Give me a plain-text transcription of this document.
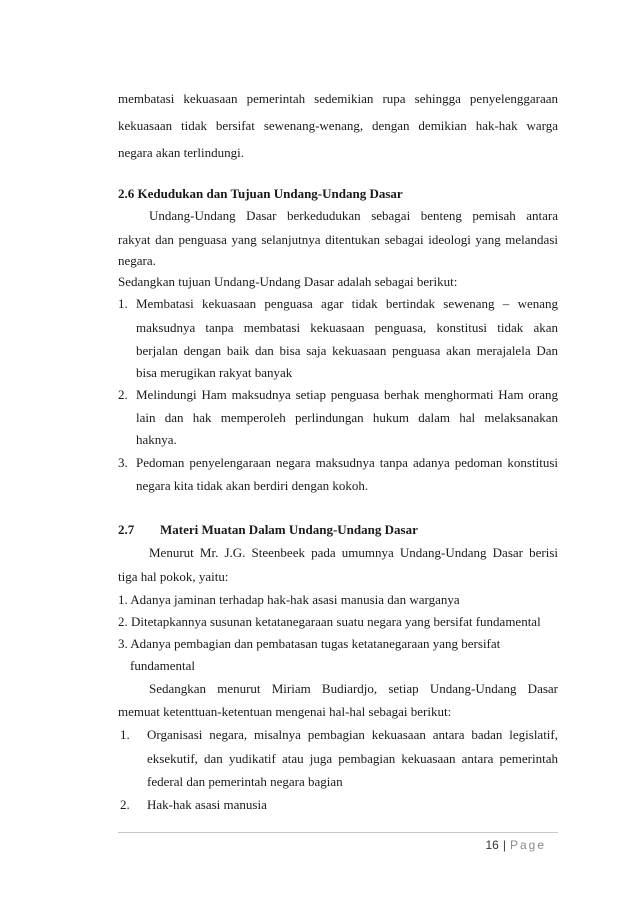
membatasi kekuasaan pemerintah sedemikian rupa sehingga penyelenggaraan
kekuasaan tidak bersifat sewenang-wenang, dengan demikian hak-hak warga
negara akan terlindungi.
2.6 Kedudukan dan Tujuan Undang-Undang Dasar
Undang-Undang Dasar berkedudukan sebagai benteng pemisah antara
rakyat dan penguasa yang selanjutnya ditentukan sebagai ideologi yang melandasi
negara.
Sedangkan tujuan Undang-Undang Dasar adalah sebagai berikut:
1. Membatasi kekuasaan penguasa agar tidak bertindak sewenang – wenang
maksudnya tanpa membatasi kekuasaan penguasa, konstitusi tidak akan
berjalan dengan baik dan bisa saja kekuasaan penguasa akan merajalela Dan
bisa merugikan rakyat banyak
2. Melindungi Ham maksudnya setiap penguasa berhak menghormati Ham orang
lain dan hak memperoleh perlindungan hukum dalam hal melaksanakan
haknya.
3. Pedoman penyelengaraan negara maksudnya tanpa adanya pedoman konstitusi
negara kita tidak akan berdiri dengan kokoh.
2.7 Materi Muatan Dalam Undang-Undang Dasar
Menurut Mr. J.G. Steenbeek pada umumnya Undang-Undang Dasar berisi
tiga hal pokok, yaitu:
1. Adanya jaminan terhadap hak-hak asasi manusia dan warganya
2. Ditetapkannya susunan ketatanegaraan suatu negara yang bersifat fundamental
3. Adanya pembagian dan pembatasan tugas ketatanegaraan yang bersifat
fundamental
Sedangkan menurut Miriam Budiardjo, setiap Undang-Undang Dasar
memuat ketenttuan-ketentuan mengenai hal-hal sebagai berikut:
1. Organisasi negara, misalnya pembagian kekuasaan antara badan legislatif,
eksekutif, dan yudikatif atau juga pembagian kekuasaan antara pemerintah
federal dan pemerintah negara bagian
2. Hak-hak asasi manusia
16 | Page
